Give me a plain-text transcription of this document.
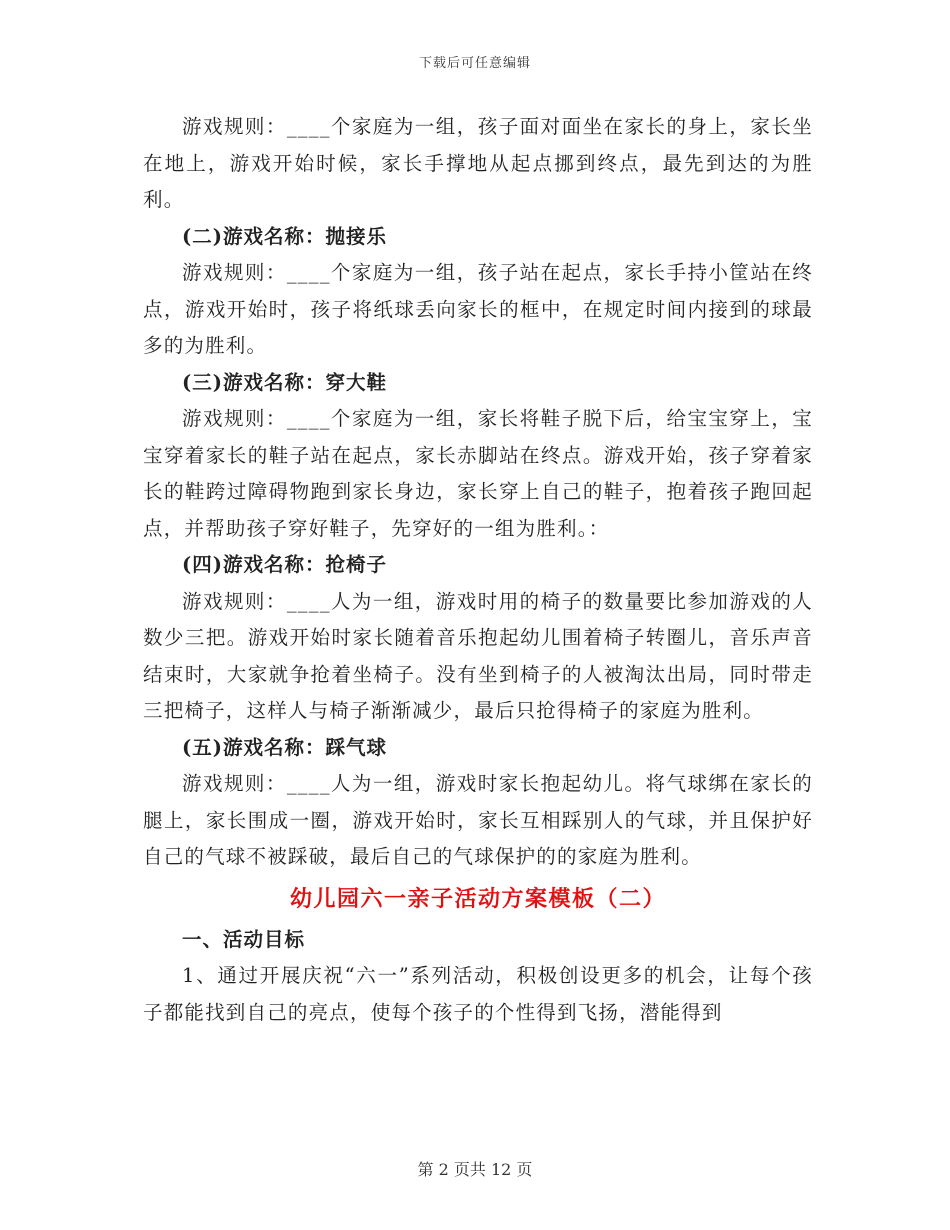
下载后可任意编辑

游戏规则：____个家庭为一组，孩子面对面坐在家长的身上，家长坐在地上，游戏开始时候，家长手撑地从起点挪到终点，最先到达的为胜利。

(二)游戏名称：抛接乐

游戏规则：____个家庭为一组，孩子站在起点，家长手持小筐站在终点，游戏开始时，孩子将纸球丢向家长的框中，在规定时间内接到的球最多的为胜利。

(三)游戏名称：穿大鞋

游戏规则：____个家庭为一组，家长将鞋子脱下后，给宝宝穿上，宝宝穿着家长的鞋子站在起点，家长赤脚站在终点。游戏开始，孩子穿着家长的鞋跨过障碍物跑到家长身边，家长穿上自己的鞋子，抱着孩子跑回起点，并帮助孩子穿好鞋子，先穿好的一组为胜利。：

(四)游戏名称：抢椅子

游戏规则：____人为一组，游戏时用的椅子的数量要比参加游戏的人数少三把。游戏开始时家长随着音乐抱起幼儿围着椅子转圈儿，音乐声音结束时，大家就争抢着坐椅子。没有坐到椅子的人被淘汰出局，同时带走三把椅子，这样人与椅子渐渐减少，最后只抢得椅子的家庭为胜利。

(五)游戏名称：踩气球

游戏规则：____人为一组，游戏时家长抱起幼儿。将气球绑在家长的腿上，家长围成一圈，游戏开始时，家长互相踩别人的气球，并且保护好自己的气球不被踩破，最后自己的气球保护的的家庭为胜利。

幼儿园六一亲子活动方案模板（二）

一、活动目标

1、通过开展庆祝“六一”系列活动，积极创设更多的机会，让每个孩子都能找到自己的亮点，使每个孩子的个性得到飞扬，潜能得到

第 2 页共 12 页
